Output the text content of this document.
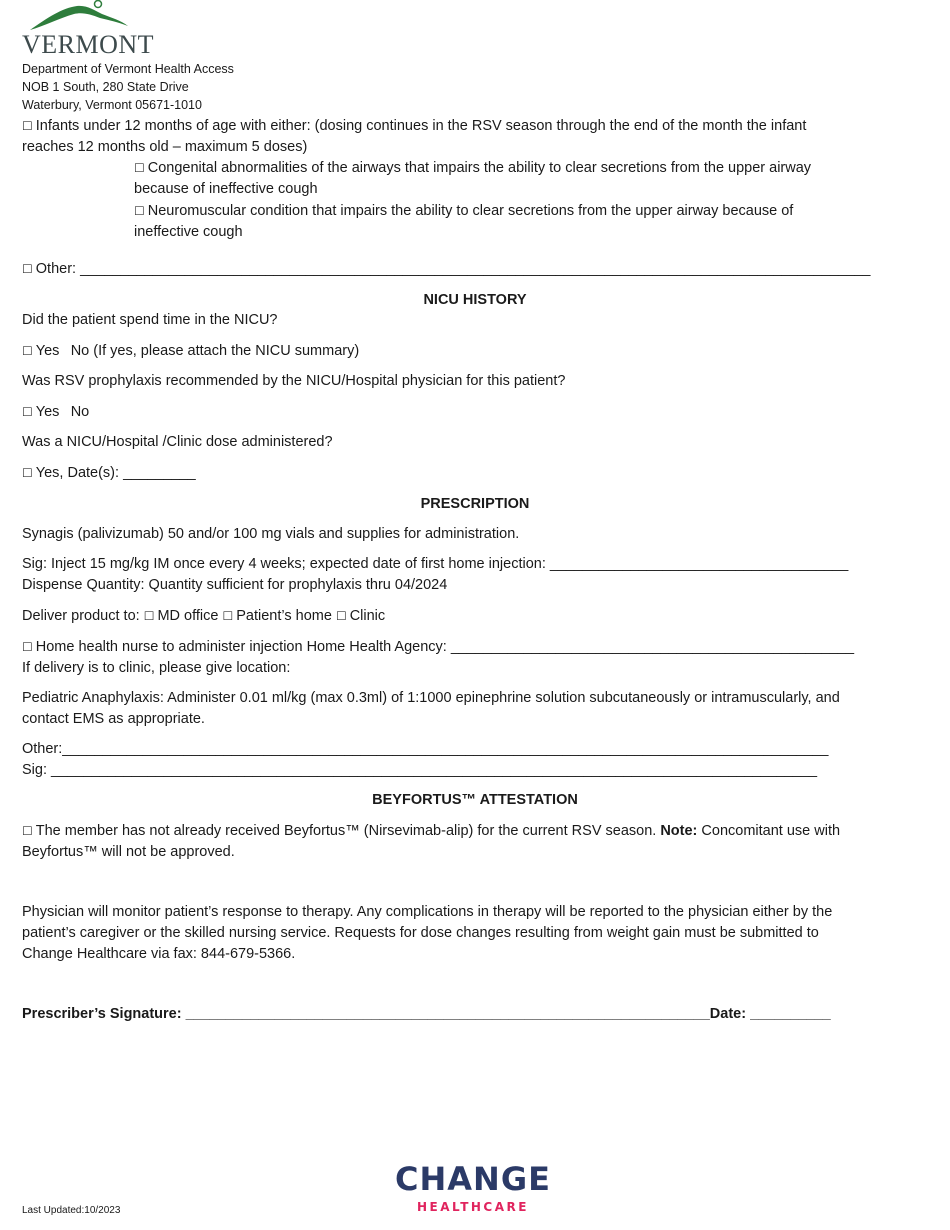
VERMONT
Department of Vermont Health Access
NOB 1 South, 280 State Drive
Waterbury, Vermont 05671-1010
☐ Infants under 12 months of age with either: (dosing continues in the RSV season through the end of the month the infant
reaches 12 months old – maximum 5 doses)
☐ Congenital abnormalities of the airways that impairs the ability to clear secretions from the upper airway
because of ineffective cough
☐ Neuromuscular condition that impairs the ability to clear secretions from the upper airway because of
ineffective cough
☐ Other: __________________________________________________________________________________________________
NICU HISTORY
Did the patient spend time in the NICU?
☐ Yes  No (If yes, please attach the NICU summary)
Was RSV prophylaxis recommended by the NICU/Hospital physician for this patient?
☐ Yes  No
Was a NICU/Hospital /Clinic dose administered?
☐ Yes, Date(s): _________
PRESCRIPTION
Synagis (palivizumab) 50 and/or 100 mg vials and supplies for administration.
Sig: Inject 15 mg/kg IM once every 4 weeks; expected date of first home injection: _____________________________________
Dispense Quantity: Quantity sufficient for prophylaxis thru 04/2024
Deliver product to: ☐ MD office ☐ Patient’s home ☐ Clinic
☐ Home health nurse to administer injection Home Health Agency: __________________________________________________
If delivery is to clinic, please give location:
Pediatric Anaphylaxis: Administer 0.01 ml/kg (max 0.3ml) of 1:1000 epinephrine solution subcutaneously or intramuscularly, and
contact EMS as appropriate.
Other:_______________________________________________________________________________________________
Sig: _______________________________________________________________________________________________
BEYFORTUS™ ATTESTATION
☐ The member has not already received Beyfortus™ (Nirsevimab-alip) for the current RSV season. Note: Concomitant use with
Beyfortus™ will not be approved.
Physician will monitor patient’s response to therapy. Any complications in therapy will be reported to the physician either by the
patient’s caregiver or the skilled nursing service. Requests for dose changes resulting from weight gain must be submitted to
Change Healthcare via fax: 844-679-5366.
Prescriber’s Signature: _________________________________________________________________Date: __________
Last Updated:10/2023
CHANGE
HEALTHCARE
